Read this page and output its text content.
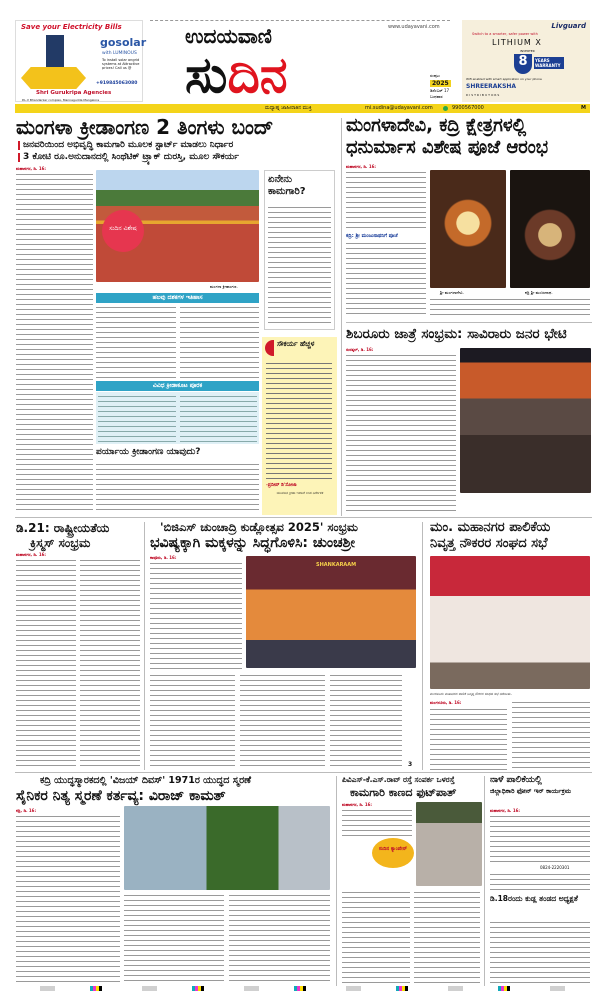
Save your Electricity Bills
gosolar
with LUMINOUS
To install solar ongrid systems at Attractive prices! Call us @
+919845063080
Shri Gurukripa Agencies
P.L.V Bhandarkar complex, Mannagudda Mangalore
www.udayavani.com
ಉದಯವಾಣಿ
ಸುದಿನ	ಸಂಪುಟ
2025
ಡಿಸೆಂಬರ್ 17
ಬುಧವಾರ
Livguard
Switch to a smarter, safer power with
LITHIUM X
INVERTER
8	YEARS WARRANTY
Wifi enabled with smart application on your phone
SHREERAKSHA
DISTRIBUTORS
ಮಧ್ಯಾಹ್ನ ಜಾಹೀರಾತಿನ ಮುಕ್ತಿ	mi.sudina@udayavani.com	9900567000	M
ಮಂಗಳಾ ಕ್ರೀಡಾಂಗಣ 2 ತಿಂಗಳು ಬಂದ್
ಜನವರಿಯಿಂದ ಅಭಿವೃದ್ಧಿ ಕಾಮಗಾರಿ ಮೂಲಕ ಸ್ಟಾರ್ಟ್ ಮಾಡಲು ನಿರ್ಧಾರ
3 ಕೋಟಿ ರೂ.ಅನುದಾನದಲ್ಲಿ ಸಿಂಥೆಟಿಕ್ ಟ್ರ್ಯಾಕ್ ದುರಸ್ತಿ, ಮೂಲ ಸೌಕರ್ಯ
ಮಹಾನಗರ, ಡಿ. 16:
ಸುದಿನ ವಿಶೇಷ
ಮಂಗಳಾ ಕ್ರೀಡಾಂಗಣ.
ಏನೇನು ಕಾಮಗಾರಿ?
ಹಲವು ದಶಕಗಳ ಇತಿಹಾಸ
ವಿವಿಧ ಕ್ರೀಡಾಕೂಟ ಪೂರಕ
ಪರ್ಯಾಯ ಕ್ರೀಡಾಂಗಣ ಯಾವುದು?
ಸೌಕರ್ಯ ಹೆಚ್ಚಳ
-ಪ್ರದೀಪ್ ಡಿ'ಸೋಜಾ
ಯುವಜನ ಕ್ರೀಡಾ ಇಲಾಖೆ ಉಪ ನಿರ್ದೇಶಕ
ಮಂಗಳಾದೇವಿ, ಕದ್ರಿ ಕ್ಷೇತ್ರಗಳಲ್ಲಿ
ಧನುರ್ಮಾಸ ವಿಶೇಷ ಪೂಜೆ ಆರಂಭ
ಮಹಾನಗರ, ಡಿ. 16:
ಶ್ರೀ ಮಂಗಳಾದೇವಿ.	ಕದ್ರಿ ಶ್ರೀ ಮಂಜುನಾಥ.
ಕದ್ರಿ: ಶ್ರೀ ಮಂಜುನಾಥನಿಗೆ ಪೂಜೆ
ಶಿಬರೂರು ಜಾತ್ರೆ ಸಂಭ್ರಮ: ಸಾವಿರಾರು ಜನರ ಭೇಟಿ
ಸುರತ್ಕಲ್, ಡಿ. 16:
ಡಿ.21: ರಾಷ್ಟ್ರೀಯತೆಯ
ಕ್ರಿಸ್ಮಸ್ ಸಂಭ್ರಮ
ಮಹಾನಗರ, ಡಿ. 16:
'ಬಿಜಿಎಸ್ ಚುಂಚಾದ್ರಿ ಕುಡ್ಲೋತ್ಸವ 2025' ಸಂಭ್ರಮ
ಭವಿಷ್ಯಕ್ಕಾಗಿ ಮಕ್ಕಳನ್ನು ಸಿದ್ಧಗೊಳಿಸಿ: ಚುಂಚಶ್ರೀ
ಕಾವೂರು, ಡಿ. 16:
SHANKARAAM
3
ಮಂ. ಮಹಾನಗರ ಪಾಲಿಕೆಯ
ನಿವೃತ್ತ ನೌಕರರ ಸಂಘದ ಸಭೆ
ಮಂಗಳೂರು ಮಹಾನಗರ ಪಾಲಿಕೆ ನಿವೃತ್ತ ನೌಕರರ ಸಂಘದ ಸಭೆ ನಡೆಯಿತು.
ಮಂಗಳೂರು, ಡಿ. 16:
ಕದ್ರಿ ಯುದ್ಧಸ್ಮಾರಕದಲ್ಲಿ 'ವಿಜಯ್ ದಿವಸ್' 1971ರ ಯುದ್ಧದ ಸ್ಮರಣೆ
ಸೈನಿಕರ ನಿತ್ಯ ಸ್ಮರಣೆ ಕರ್ತವ್ಯ: ವಿರಾಜ್ ಕಾಮತ್
ಕದ್ರಿ, ಡಿ. 16:
ಪಿವಿಎಸ್-ಕೆ.ಎಸ್.ರಾವ್ ರಸ್ತೆ ಸಂಪರ್ಕ ಒಳರಸ್ತೆ
ಕಾಮಗಾರಿ ಕಾಣದ ಫುಟ್‌ಪಾತ್
ಮಹಾನಗರ, ಡಿ. 16:
ಸುದಿನ ಕ್ಯಾಂಪೇನ್
ನಾಳೆ ಪಾಲಿಕೆಯಲ್ಲಿ
ಜಿಲ್ಲಾಧಿಕಾರಿ ಫೋನ್ ಇನ್ ಕಾರ್ಯಕ್ರಮ
ಮಹಾನಗರ, ಡಿ. 16:
0824-2220301
ಡಿ.18ರಂದು ಕುಡ್ಲ ತಂಡದ ಅಧ್ಯಕ್ಷತೆ
